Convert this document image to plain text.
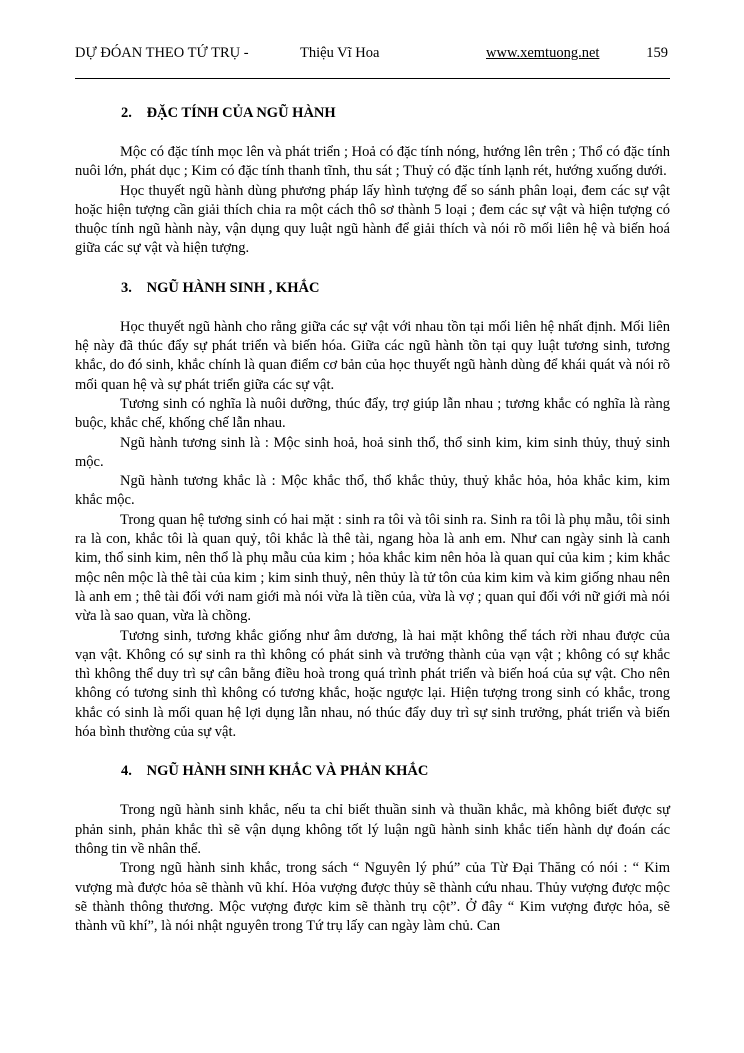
DỰ ĐÓAN THEO TỨ TRỤ -	Thiệu Vĩ Hoa	www.xemtuong.net	159
2. ĐẶC TÍNH CỦA NGŨ HÀNH

Mộc có đặc tính mọc lên và phát triển ; Hoả có đặc tính nóng, hướng lên trên ; Thổ có đặc tính nuôi lớn, phát dục ; Kim có đặc tính thanh tĩnh, thu sát ; Thuỷ có đặc tính lạnh rét, hướng xuống dưới.

Học thuyết ngũ hành dùng phương pháp lấy hình tượng để so sánh phân loại, đem các sự vật hoặc hiện tượng cần giải thích chia ra một cách thô sơ thành 5 loại ; đem các sự vật và hiện tượng có thuộc tính ngũ hành này, vận dụng quy luật ngũ hành để giải thích và nói rõ mối liên hệ và biến hoá giữa các sự vật và hiện tượng.

3. NGŨ HÀNH SINH , KHẮC

Học thuyết ngũ hành cho rằng giữa các sự vật với nhau tồn tại mối liên hệ nhất định. Mối liên hệ này đã thúc đẩy sự phát triển và biến hóa. Giữa các ngũ hành tồn tại quy luật tương sinh, tương khắc, do đó sinh, khắc chính là quan điểm cơ bản của học thuyết ngũ hành dùng để khái quát và nói rõ mối quan hệ và sự phát triển giữa các sự vật.

Tương sinh có nghĩa là nuôi dưỡng, thúc đẩy, trợ giúp lẫn nhau ; tương khắc có nghĩa là ràng buộc, khắc chế, khống chế lẫn nhau.

Ngũ hành tương sinh là : Mộc sinh hoả, hoả sinh thổ, thổ sinh kim, kim sinh thủy, thuỷ sinh mộc.

Ngũ hành tương khắc là : Mộc khắc thổ, thổ khắc thủy, thuỷ khắc hỏa, hỏa khắc kim, kim khắc mộc.

Trong quan hệ tương sinh có hai mặt : sinh ra tôi và tôi sinh ra. Sinh ra tôi là phụ mẫu, tôi sinh ra là con, khắc tôi là quan quỷ, tôi khắc là thê tài, ngang hòa là anh em. Như can ngày sinh là canh kim, thổ sinh kim, nên thổ là phụ mẫu của kim ; hỏa khắc kim nên hỏa là quan quỉ của kim ; kim khắc mộc nên mộc là thê tài của kim ; kim sinh thuỷ, nên thủy là tử tôn của kim kim và kim giống nhau nên là anh em ; thê tài đối với nam giới mà nói vừa là tiền của, vừa là vợ ; quan quỉ đối với nữ giới mà nói vừa là sao quan, vừa là chồng.

Tương sinh, tương khắc giống như âm dương, là hai mặt không thể tách rời nhau được của vạn vật. Không có sự sinh ra thì không có phát sinh và trưởng thành của vạn vật ; không có sự khắc thì không thể duy trì sự cân bằng điều hoà trong quá trình phát triển và biến hoá của sự vật. Cho nên không có tương sinh thì không có tương khắc, hoặc ngược lại. Hiện tượng trong sinh có khắc, trong khắc có sinh là mối quan hệ lợi dụng lẫn nhau, nó thúc đẩy duy trì sự sinh trưởng, phát triển và biến hóa bình thường của sự vật.

4. NGŨ HÀNH SINH KHẮC VÀ PHẢN KHẮC

Trong ngũ hành sinh khắc, nếu ta chỉ biết thuần sinh và thuần khắc, mà không biết được sự phản sinh, phản khắc thì sẽ vận dụng không tốt lý luận ngũ hành sinh khắc tiến hành dự đoán các thông tin về nhân thể.

Trong ngũ hành sinh khắc, trong sách “ Nguyên lý phú” của Từ Đại Thăng có nói : “ Kim vượng mà được hỏa sẽ thành vũ khí. Hỏa vượng được thủy sẽ thành cứu nhau. Thủy vượng được mộc sẽ thành thông thương. Mộc vượng được kim sẽ thành trụ cột”. Ở đây “ Kim vượng được hỏa, sẽ thành vũ khí”, là nói nhật nguyên trong Tứ trụ lấy can ngày làm chủ. Can
